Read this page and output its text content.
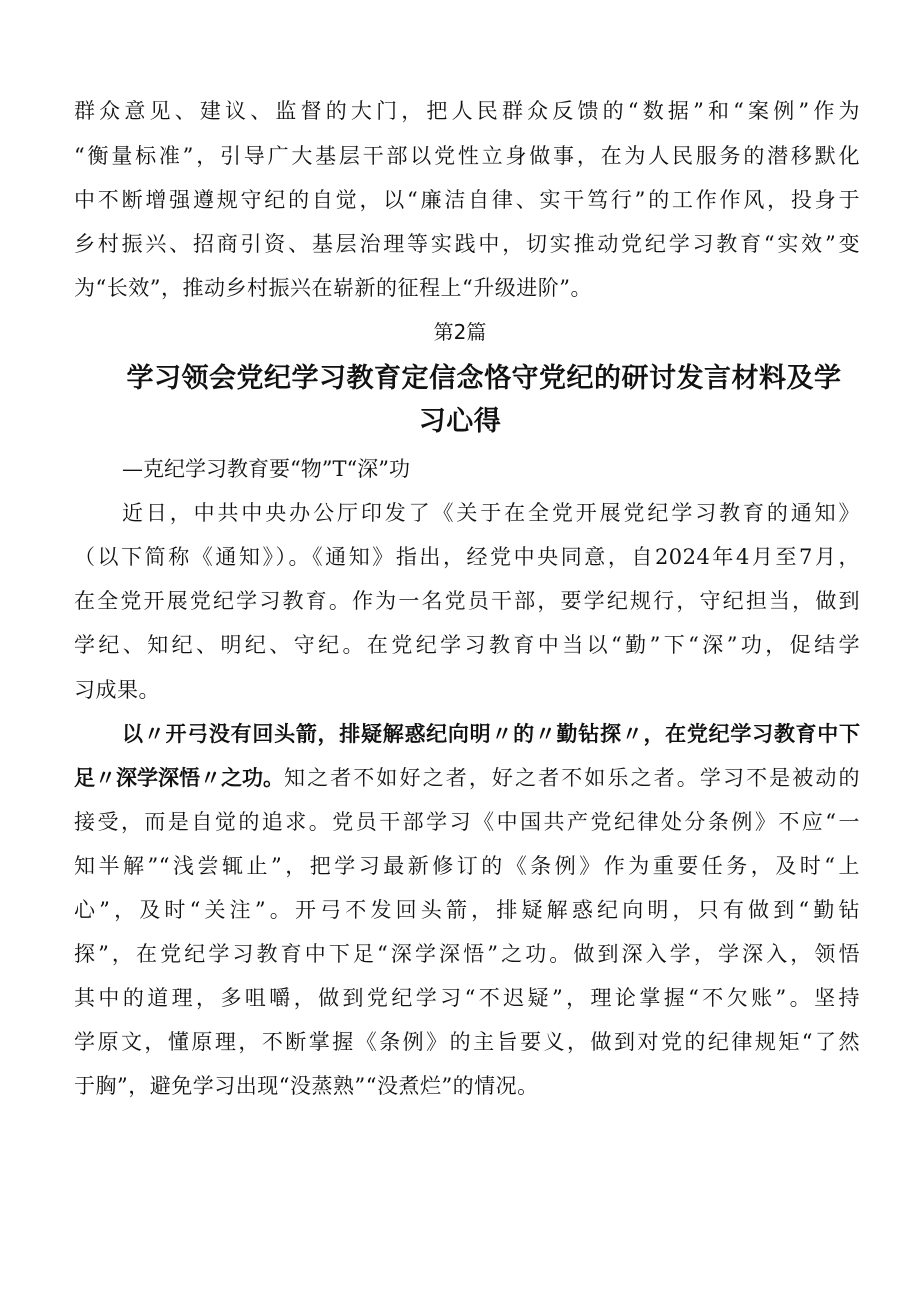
群众意见、建议、监督的大门，把人民群众反馈的“数据”和“案例”作为
“衡量标准”，引导广大基层干部以党性立身做事，在为人民服务的潜移默化
中不断增强遵规守纪的自觉，以“廉洁自律、实干笃行”的工作作风，投身于
乡村振兴、招商引资、基层治理等实践中，切实推动党纪学习教育“实效”变
为“长效”，推动乡村振兴在崭新的征程上“升级进阶”。
第2篇
学习领会党纪学习教育定信念恪守党纪的研讨发言材料及学
习心得
—克纪学习教育要“物”T“深”功
近日，中共中央办公厅印发了《关于在全党开展党纪学习教育的通知》
（以下简称《通知》）。《通知》指出，经党中央同意，自2024年4月至7月，
在全党开展党纪学习教育。作为一名党员干部，要学纪规行，守纪担当，做到
学纪、知纪、明纪、守纪。在党纪学习教育中当以“勤”下“深”功，促结学
习成果。
以〃开弓没有回头箭，排疑解惑纪向明〃的〃勤钻探〃，在党纪学习教育中下
足〃深学深悟〃之功。 知之者不如好之者，好之者不如乐之者。学习不是被动的
接受，而是自觉的追求。党员干部学习《中国共产党纪律处分条例》不应“一
知半解”“浅尝辄止”，把学习最新修订的《条例》作为重要任务，及时“上
心”，及时“关注”。开弓不发回头箭，排疑解惑纪向明，只有做到“勤钻
探”，在党纪学习教育中下足“深学深悟”之功。做到深入学，学深入，领悟
其中的道理，多咀嚼，做到党纪学习“不迟疑”，理论掌握“不欠账”。坚持
学原文，懂原理，不断掌握《条例》的主旨要义，做到对党的纪律规矩“了然
于胸”，避免学习出现“没蒸熟”“没煮烂”的情况。
